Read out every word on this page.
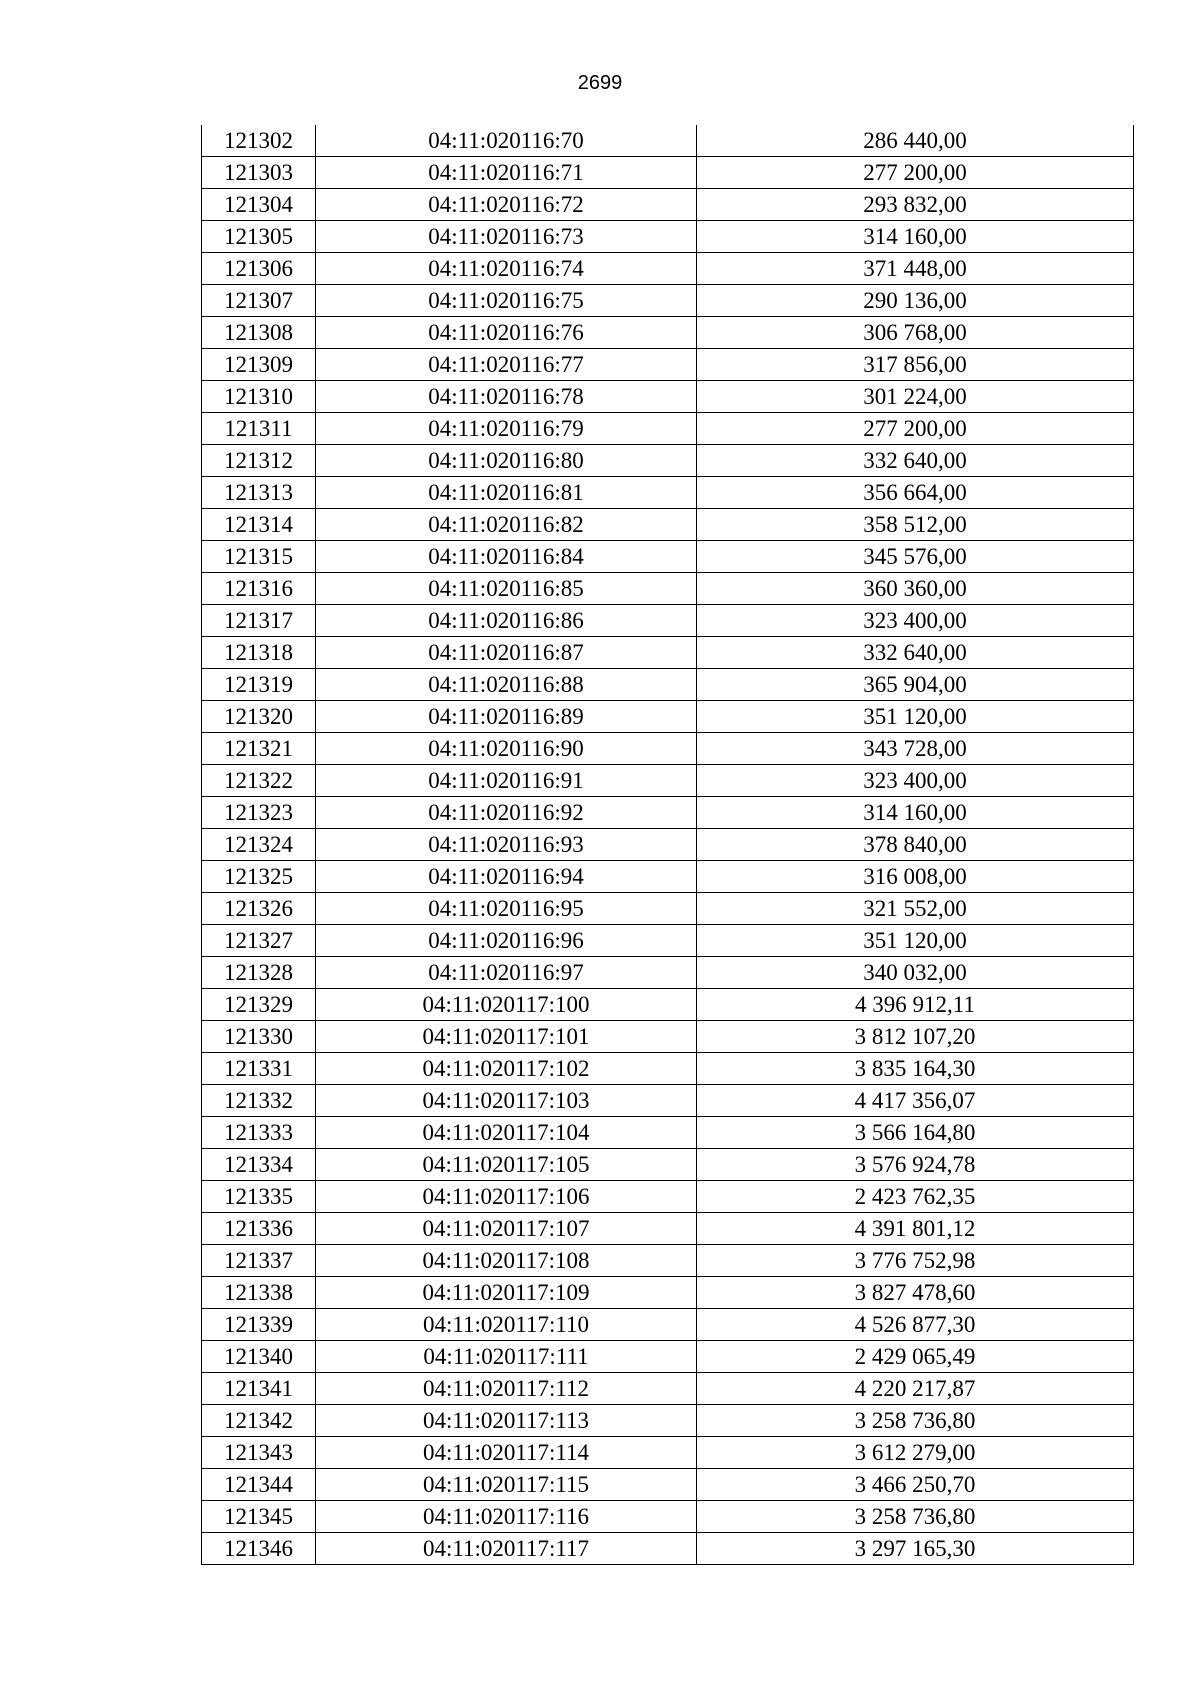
2699
121302	04:11:020116:70	286 440,00
121303	04:11:020116:71	277 200,00
121304	04:11:020116:72	293 832,00
121305	04:11:020116:73	314 160,00
121306	04:11:020116:74	371 448,00
121307	04:11:020116:75	290 136,00
121308	04:11:020116:76	306 768,00
121309	04:11:020116:77	317 856,00
121310	04:11:020116:78	301 224,00
121311	04:11:020116:79	277 200,00
121312	04:11:020116:80	332 640,00
121313	04:11:020116:81	356 664,00
121314	04:11:020116:82	358 512,00
121315	04:11:020116:84	345 576,00
121316	04:11:020116:85	360 360,00
121317	04:11:020116:86	323 400,00
121318	04:11:020116:87	332 640,00
121319	04:11:020116:88	365 904,00
121320	04:11:020116:89	351 120,00
121321	04:11:020116:90	343 728,00
121322	04:11:020116:91	323 400,00
121323	04:11:020116:92	314 160,00
121324	04:11:020116:93	378 840,00
121325	04:11:020116:94	316 008,00
121326	04:11:020116:95	321 552,00
121327	04:11:020116:96	351 120,00
121328	04:11:020116:97	340 032,00
121329	04:11:020117:100	4 396 912,11
121330	04:11:020117:101	3 812 107,20
121331	04:11:020117:102	3 835 164,30
121332	04:11:020117:103	4 417 356,07
121333	04:11:020117:104	3 566 164,80
121334	04:11:020117:105	3 576 924,78
121335	04:11:020117:106	2 423 762,35
121336	04:11:020117:107	4 391 801,12
121337	04:11:020117:108	3 776 752,98
121338	04:11:020117:109	3 827 478,60
121339	04:11:020117:110	4 526 877,30
121340	04:11:020117:111	2 429 065,49
121341	04:11:020117:112	4 220 217,87
121342	04:11:020117:113	3 258 736,80
121343	04:11:020117:114	3 612 279,00
121344	04:11:020117:115	3 466 250,70
121345	04:11:020117:116	3 258 736,80
121346	04:11:020117:117	3 297 165,30
